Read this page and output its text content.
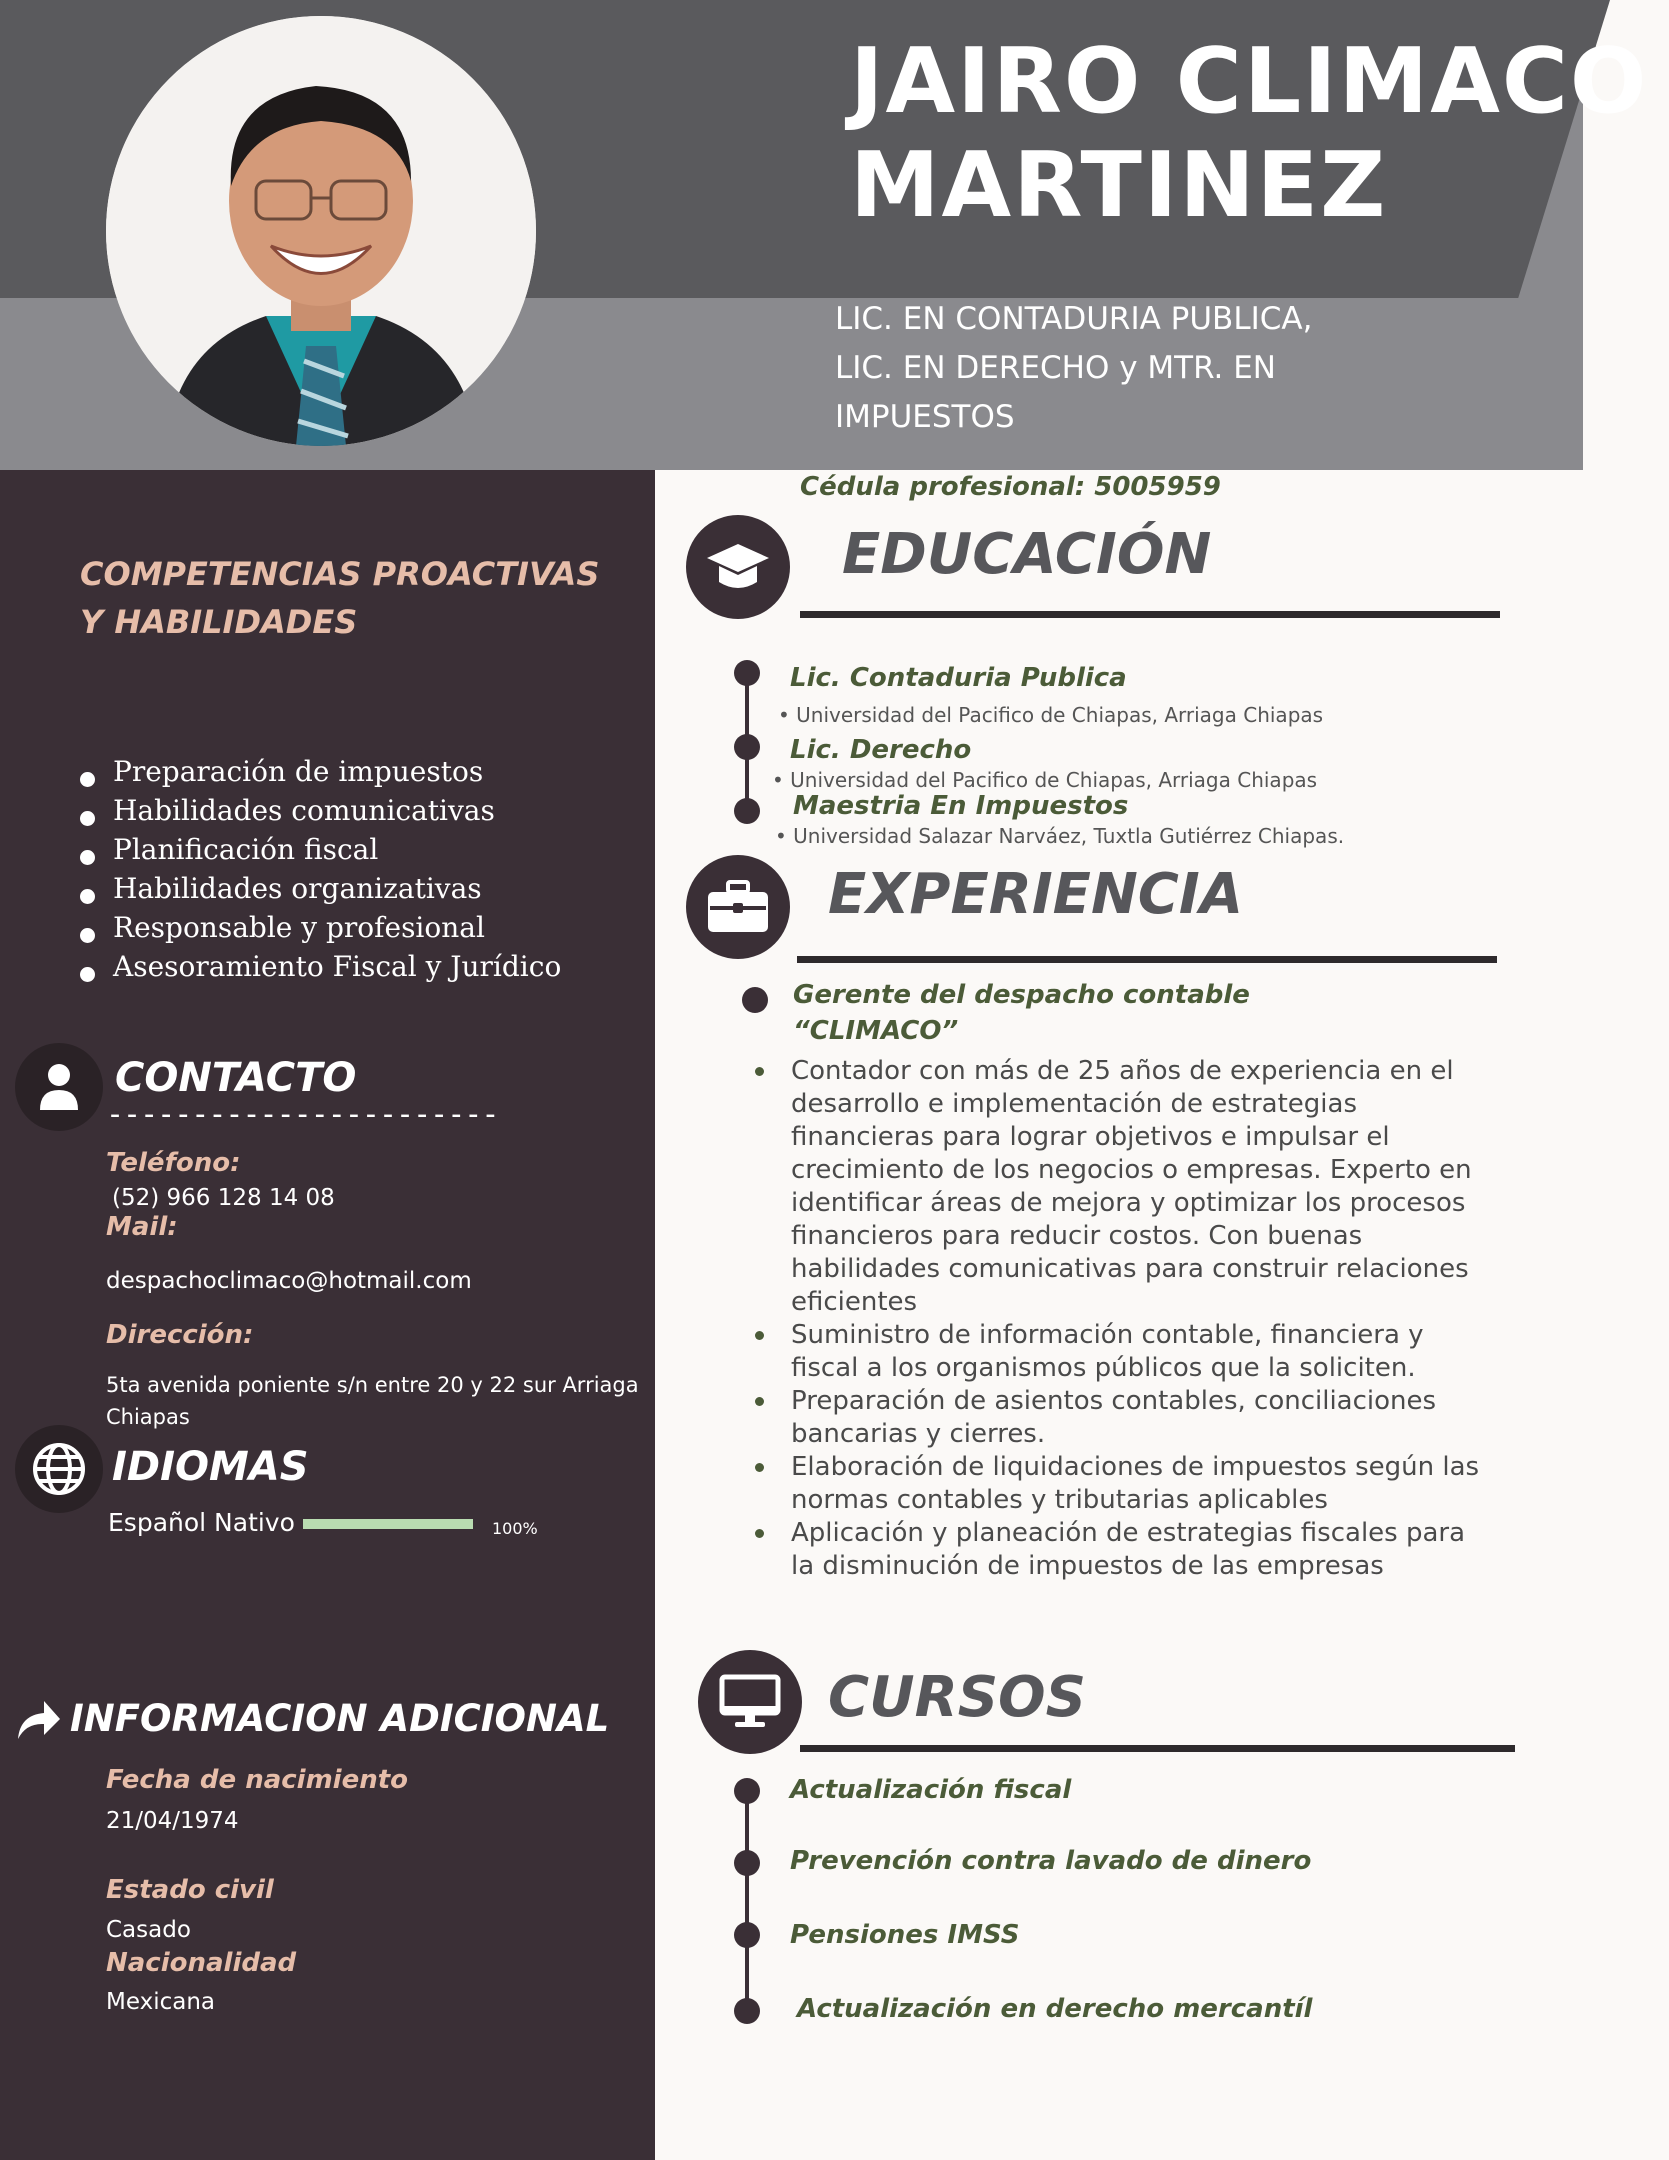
JAIRO CLIMACO
MARTINEZ
LIC. EN CONTADURIA PUBLICA,
LIC. EN DERECHO y MTR. EN
IMPUESTOS
COMPETENCIAS PROACTIVAS
Y HABILIDADES
Preparación de impuestos
Habilidades comunicativas
Planificación fiscal
Habilidades organizativas
Responsable y profesional
Asesoramiento Fiscal y Jurídico
CONTACTO
-----------------------
Teléfono:
(52) 966 128 14 08
Mail:
despachoclimaco@hotmail.com
Dirección:
5ta avenida poniente s/n entre 20 y 22 sur Arriaga Chiapas
IDIOMAS
Español Nativo	100%
INFORMACION ADICIONAL
Fecha de nacimiento
21/04/1974
Estado civil
Casado
Nacionalidad
Mexicana
Cédula profesional: 5005959
EDUCACIÓN
Lic. Contaduria Publica
• Universidad del Pacifico de Chiapas, Arriaga Chiapas
Lic. Derecho
• Universidad del Pacifico de Chiapas, Arriaga Chiapas
Maestria En Impuestos
• Universidad Salazar Narváez, Tuxtla Gutiérrez Chiapas.
EXPERIENCIA
Gerente del despacho contable
“CLIMACO”
Contador con más de 25 años de experiencia en el desarrollo e implementación de estrategias financieras para lograr objetivos e impulsar el crecimiento de los negocios o empresas. Experto en identificar áreas de mejora y optimizar los procesos financieros para reducir costos. Con buenas habilidades comunicativas para construir relaciones eficientes
Suministro de información contable, financiera y fiscal a los organismos públicos que la soliciten.
Preparación de asientos contables, conciliaciones bancarias y cierres.
Elaboración de liquidaciones de impuestos según las normas contables y tributarias aplicables
Aplicación y planeación de estrategias fiscales para la disminución de impuestos de las empresas
CURSOS
Actualización fiscal
Prevención contra lavado de dinero
Pensiones IMSS
Actualización en derecho mercantíl
